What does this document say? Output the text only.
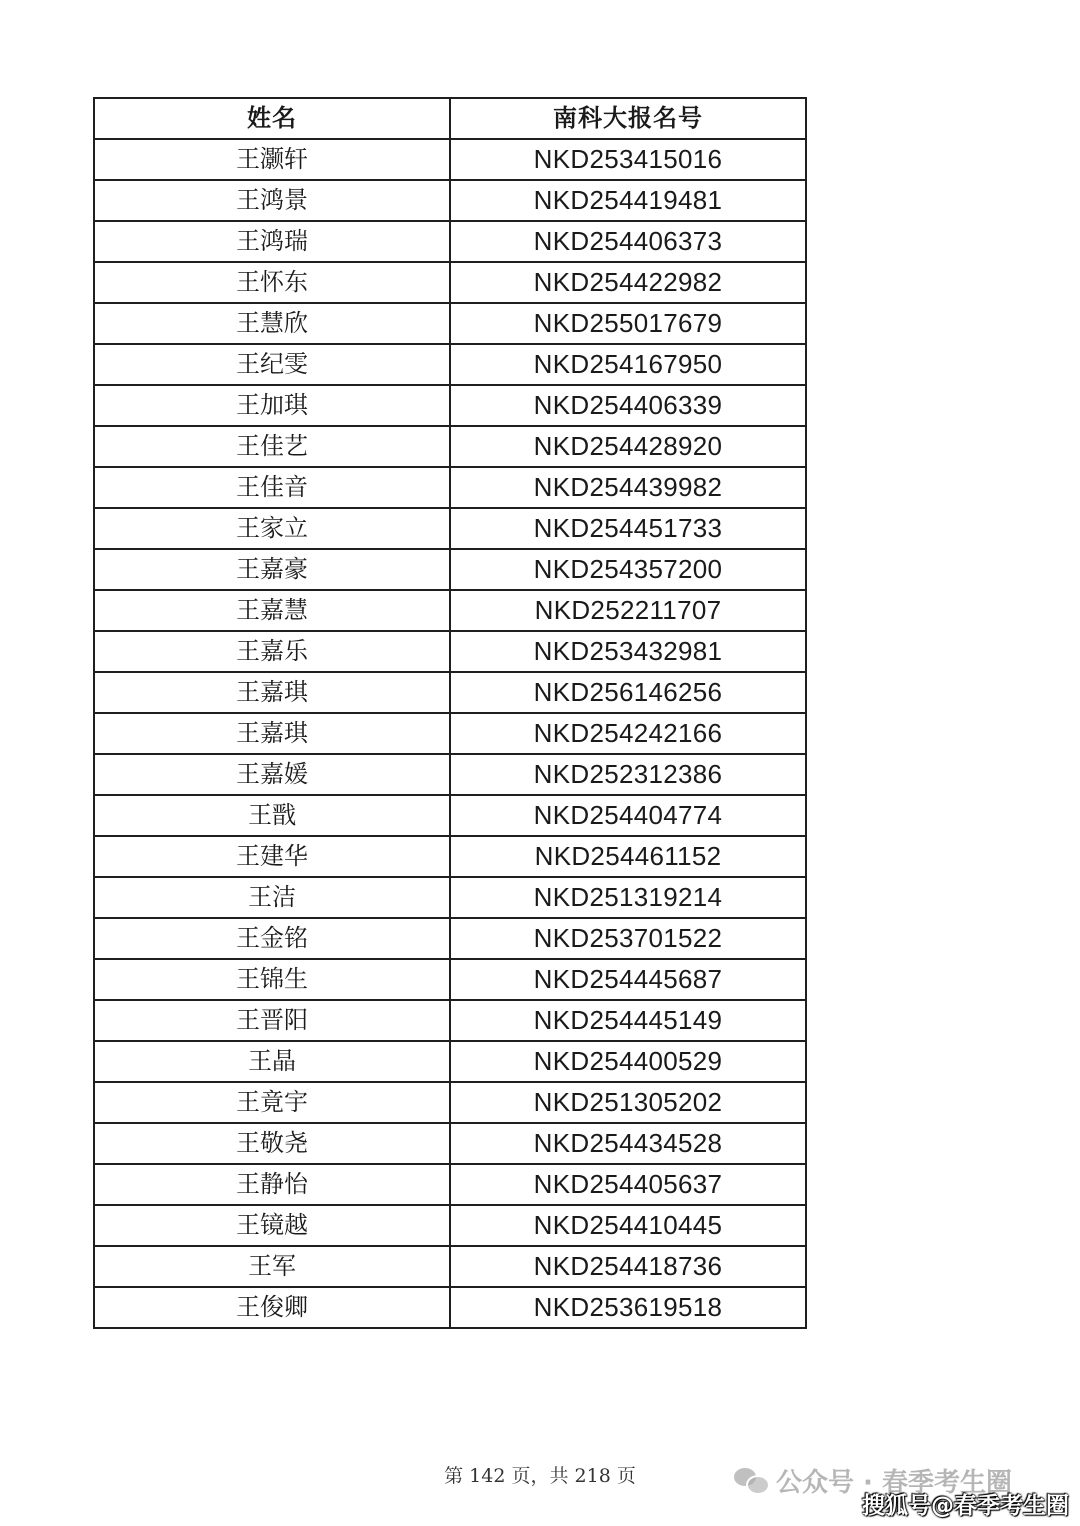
姓名	南科大报名号
王灏轩	NKD253415016
王鸿景	NKD254419481
王鸿瑞	NKD254406373
王怀东	NKD254422982
王慧欣	NKD255017679
王纪雯	NKD254167950
王加琪	NKD254406339
王佳艺	NKD254428920
王佳音	NKD254439982
王家立	NKD254451733
王嘉豪	NKD254357200
王嘉慧	NKD252211707
王嘉乐	NKD253432981
王嘉琪	NKD256146256
王嘉琪	NKD254242166
王嘉媛	NKD252312386
王戬	NKD254404774
王建华	NKD254461152
王洁	NKD251319214
王金铭	NKD253701522
王锦生	NKD254445687
王晋阳	NKD254445149
王晶	NKD254400529
王竟宇	NKD251305202
王敬尧	NKD254434528
王静怡	NKD254405637
王镜越	NKD254410445
王军	NKD254418736
王俊卿	NKD253619518
第 142 页，共 218 页	公众号 · 春季考生圈
搜狐号@春季考生圈
